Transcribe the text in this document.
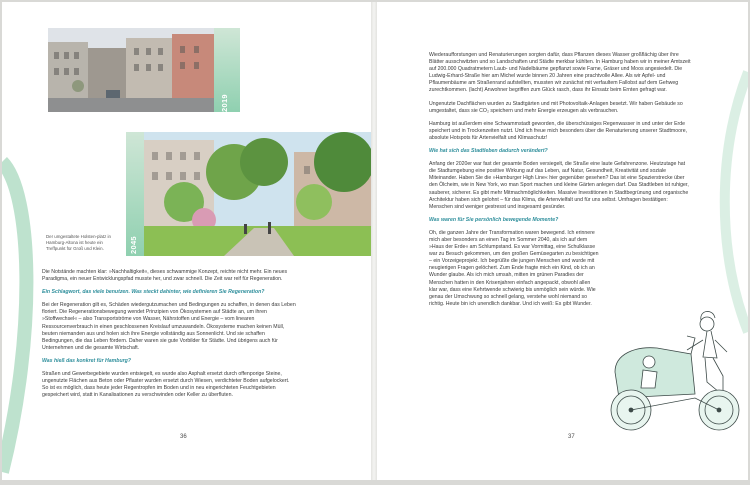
2019
2045
Der umgestaltete Holsten-platz in Hamburg-Altona ist heute ein Treffpunkt für Groß und Klein.

Die Notstände machten klar: »Nachhaltigkeit«, dieses schwammige Konzept, reichte nicht mehr. Ein neues Paradigma, ein neuer Entwicklungspfad musste her, und zwar schnell. Die Zeit war reif für Regeneration.

Ein Schlagwort, das viele benutzen. Was steckt dahinter, wie definieren Sie Regeneration?

Bei der Regeneration gilt es, Schäden wiedergutzumachen und Bedingungen zu schaffen, in denen das Leben floriert. Die Regenerationsbewegung wendet Prinzipien von Ökosystemen auf Städte an, um ihren »Stoffwechsel« – also Transportströme von Wasser, Nährstoffen und Energie – vom linearen Ressourcenverbrauch in einen geschlossenen Kreislauf umzuwandeln. Ökosysteme machen keinen Müll, beuten niemanden aus und holen sich ihre Energie vollständig aus Sonnenlicht. Und sie schaffen Bedingungen, die das Leben fördern. Daher waren sie gute Vorbilder für Städte. Und übrigens auch für Unternehmen und die gesamte Wirtschaft.

Was hieß das konkret für Hamburg?

Straßen und Gewerbegebiete wurden entsiegelt, es wurde also Asphalt ersetzt durch offenporige Steine, ungenutzte Flächen aus Beton oder Pflaster wurden ersetzt durch Wiesen, verdichteter Boden aufgelockert. So ist es möglich, dass heute jeder Regentropfen im Boden und in neu eingerichteten Feuchtgebieten gespeichert wird, statt in Kanalisationen zu verschwinden oder Keller zu überfluten.

36

Wiederaufforstungen und Renaturierungen sorgten dafür, dass Pflanzen dieses Wasser großflächig über ihre Blätter ausschwitzten und so Landschaften und Städte merkbar kühlten. In Hamburg haben wir in meiner Amtszeit auf 200.000 Quadratmetern Laub- und Nadelbäume gepflanzt sowie Farne, Gräser und Moos angesiedelt. Die Ludwig-Erhard-Straße hier am Michel wurde binnen 20 Jahren eine prachtvolle Allee. Als wir Apfel- und Pflaumenbäume am Straßenrand aufstellten, mussten wir zunächst mit verfaultem Fallobst auf dem Gehweg zurechtkommen. (lacht) Anwohner begriffen zum Glück rasch, dass ihr Einsatz beim Ernten gefragt war.

Ungenutzte Dachflächen wurden zu Stadtgärten und mit Photovoltaik-Anlagen besetzt. Wir haben Gebäude so umgestaltet, dass sie CO₂ speichern und mehr Energie erzeugen als verbrauchen.

Hamburg ist außerdem eine Schwammstadt geworden, die überschüssiges Regenwasser in und unter der Erde speichert und in Trockenzeiten nutzt. Und ich freue mich besonders über die Renaturierung unserer Stadtmoore, absolute Hotspots für Artenvielfalt und Klimaschutz!

Wie hat sich das Stadtleben dadurch verändert?

Anfang der 2020er war fast der gesamte Boden versiegelt, die Straße eine laute Gefahrenzone. Heutzutage hat die Stadtumgebung eine positive Wirkung auf das Leben, auf Natur, Gesundheit, Kreativität und soziale Miteinander. Haben Sie die »Hamburger High Line« hier gegenüber gesehen? Das ist eine Spazierstrecke über den Ölcheim, wie in New York, wo man Sport machen und kleine Gärten anlegen darf. Das Stadtleben ist ruhiger, sauberer, sicherer. Es gibt mehr Mitmachmöglichkeiten. Massive Investitionen in Stadtbegrünung und organische Architektur haben sich gelohnt – für das Klima, die Artenvielfalt und für uns selbst. Umfragen bestätigen: Menschen sind weniger gestresst und insgesamt gesünder.

Was waren für Sie persönlich bewegende Momente?

Oh, die ganzen Jahre der Transformation waren bewegend. Ich erinnere mich aber besonders an einen Tag im Sommer 2040, als ich auf dem »Haus der Erde« am Schlumpstand. Es war Vormittag, eine Schulklasse war zu Besuch gekommen, um den großen Gemüsegarten zu besichtigen – ein Vorzeigeprojekt. Ich begrüßte die jungen Menschen und wurde mit neugierigen Fragen gelöchert. Zum Ende fragte mich ein Kind, ob ich an Wunder glaube. Als ich mich umsah, mitten im grünen Paradies der Menschen hatten in den Krisenjahren einfach angepackt, obwohl allen klar war, dass eine Kehrtwende schwierig bis unmöglich sein würde. Wie genau der Umschwung so schnell gelang, verstehe wohl niemand so richtig. Heute bin ich unendlich dankbar. Und ich weiß: Es gibt Wunder.

37
